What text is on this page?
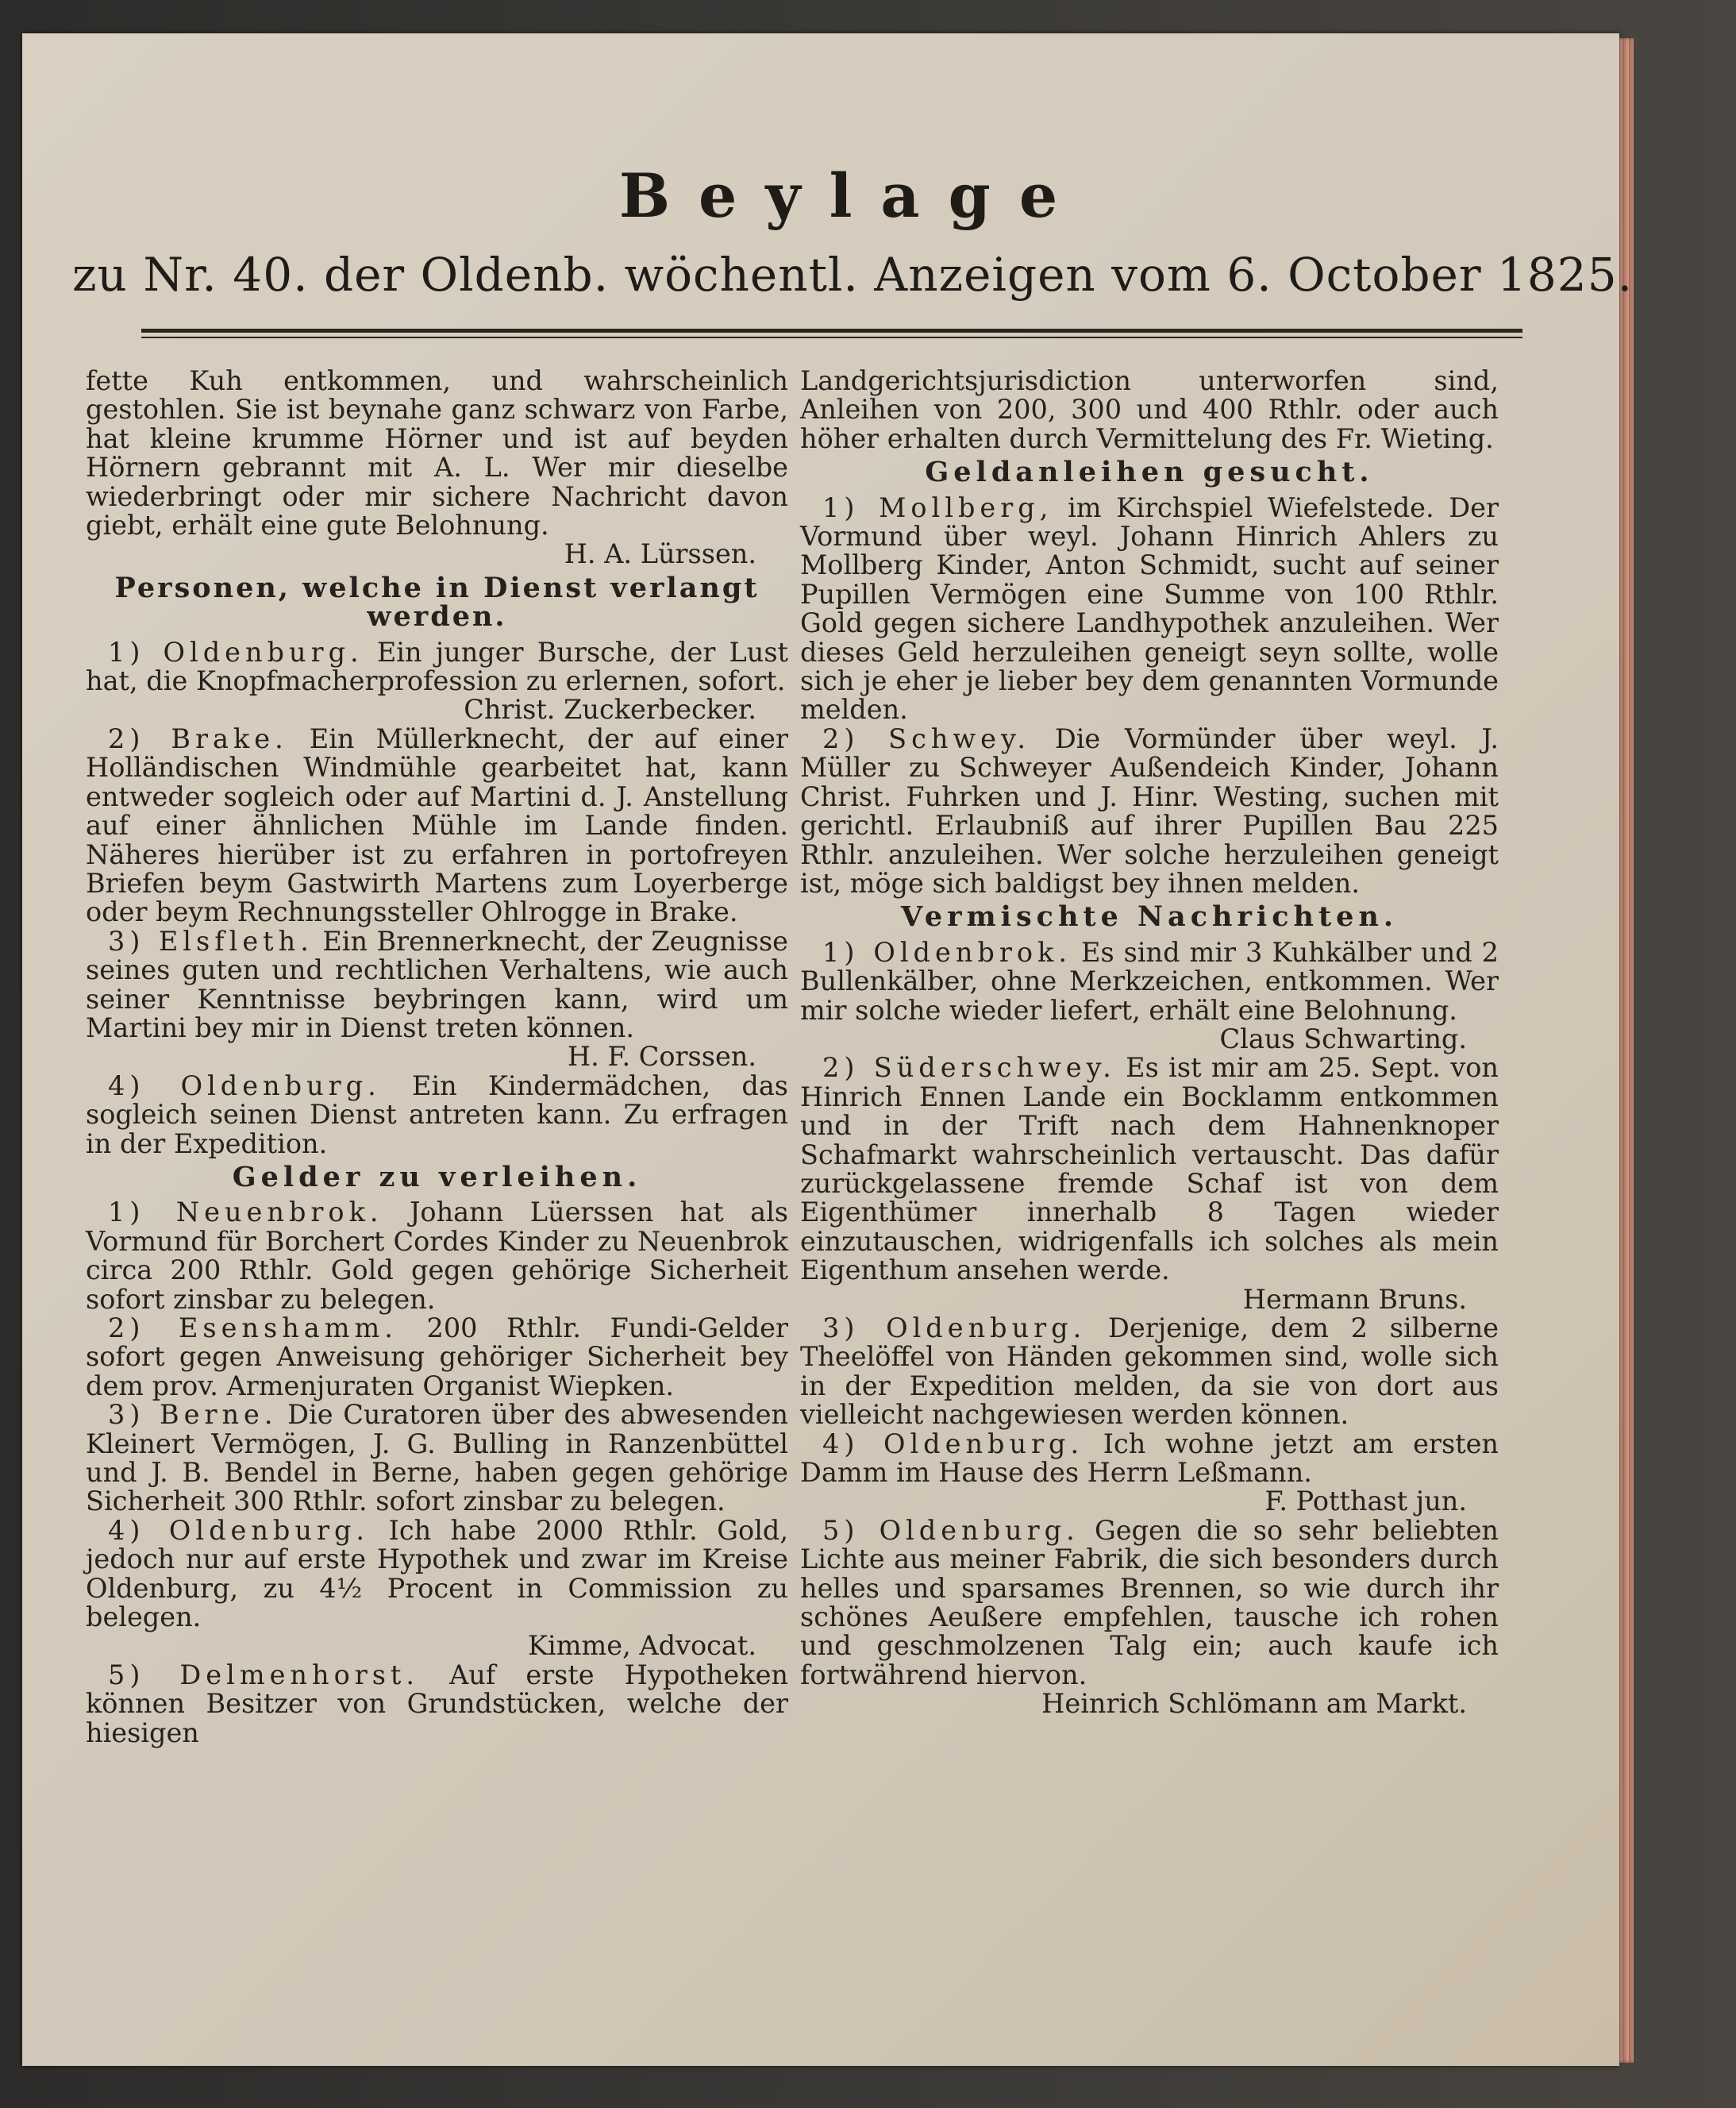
Beylage
zu Nr. 40. der Oldenb. wöchentl. Anzeigen vom 6. October 1825.

fette Kuh entkommen, und wahrscheinlich gestohlen. Sie ist beynahe ganz schwarz von Farbe, hat kleine krumme Hörner und ist auf beyden Hörnern gebrannt mit A. L. Wer mir dieselbe wiederbringt oder mir sichere Nachricht davon giebt, erhält eine gute Belohnung.

H. A. Lürssen.

Personen, welche in Dienst verlangt werden.

1) Oldenburg. Ein junger Bursche, der Lust hat, die Knopfmacherprofession zu erlernen, sofort.

Christ. Zuckerbecker.

2) Brake. Ein Müllerknecht, der auf einer Holländischen Windmühle gearbeitet hat, kann entweder sogleich oder auf Martini d. J. Anstellung auf einer ähnlichen Mühle im Lande finden. Näheres hierüber ist zu erfahren in portofreyen Briefen beym Gastwirth Martens zum Loyerberge oder beym Rechnungssteller Ohlrogge in Brake.

3) Elsfleth. Ein Brennerknecht, der Zeugnisse seines guten und rechtlichen Verhaltens, wie auch seiner Kenntnisse beybringen kann, wird um Martini bey mir in Dienst treten können.

H. F. Corssen.

4) Oldenburg. Ein Kindermädchen, das sogleich seinen Dienst antreten kann. Zu erfragen in der Expedition.

Gelder zu verleihen.

1) Neuenbrok. Johann Lüerssen hat als Vormund für Borchert Cordes Kinder zu Neuenbrok circa 200 Rthlr. Gold gegen gehörige Sicherheit sofort zinsbar zu belegen.

2) Esenshamm. 200 Rthlr. Fundi-Gelder sofort gegen Anweisung gehöriger Sicherheit bey dem prov. Armenjuraten Organist Wiepken.

3) Berne. Die Curatoren über des abwesenden Kleinert Vermögen, J. G. Bulling in Ranzenbüttel und J. B. Bendel in Berne, haben gegen gehörige Sicherheit 300 Rthlr. sofort zinsbar zu belegen.

4) Oldenburg. Ich habe 2000 Rthlr. Gold, jedoch nur auf erste Hypothek und zwar im Kreise Oldenburg, zu 4½ Procent in Commission zu belegen.

Kimme, Advocat.

5) Delmenhorst. Auf erste Hypotheken können Besitzer von Grundstücken, welche der hiesigen

Landgerichtsjurisdiction unterworfen sind, Anleihen von 200, 300 und 400 Rthlr. oder auch höher erhalten durch Vermittelung des Fr. Wieting.

Geldanleihen gesucht.

1) Mollberg, im Kirchspiel Wiefelstede. Der Vormund über weyl. Johann Hinrich Ahlers zu Mollberg Kinder, Anton Schmidt, sucht auf seiner Pupillen Vermögen eine Summe von 100 Rthlr. Gold gegen sichere Landhypothek anzuleihen. Wer dieses Geld herzuleihen geneigt seyn sollte, wolle sich je eher je lieber bey dem genannten Vormunde melden.

2) Schwey. Die Vormünder über weyl. J. Müller zu Schweyer Außendeich Kinder, Johann Christ. Fuhrken und J. Hinr. Westing, suchen mit gerichtl. Erlaubniß auf ihrer Pupillen Bau 225 Rthlr. anzuleihen. Wer solche herzuleihen geneigt ist, möge sich baldigst bey ihnen melden.

Vermischte Nachrichten.

1) Oldenbrok. Es sind mir 3 Kuhkälber und 2 Bullenkälber, ohne Merkzeichen, entkommen. Wer mir solche wieder liefert, erhält eine Belohnung.

Claus Schwarting.

2) Süderschwey. Es ist mir am 25. Sept. von Hinrich Ennen Lande ein Bocklamm entkommen und in der Trift nach dem Hahnenknoper Schafmarkt wahrscheinlich vertauscht. Das dafür zurückgelassene fremde Schaf ist von dem Eigenthümer innerhalb 8 Tagen wieder einzutauschen, widrigenfalls ich solches als mein Eigenthum ansehen werde.

Hermann Bruns.

3) Oldenburg. Derjenige, dem 2 silberne Theelöffel von Händen gekommen sind, wolle sich in der Expedition melden, da sie von dort aus vielleicht nachgewiesen werden können.

4) Oldenburg. Ich wohne jetzt am ersten Damm im Hause des Herrn Leßmann.

F. Potthast jun.

5) Oldenburg. Gegen die so sehr beliebten Lichte aus meiner Fabrik, die sich besonders durch helles und sparsames Brennen, so wie durch ihr schönes Aeußere empfehlen, tausche ich rohen und geschmolzenen Talg ein; auch kaufe ich fortwährend hiervon.

Heinrich Schlömann am Markt.
